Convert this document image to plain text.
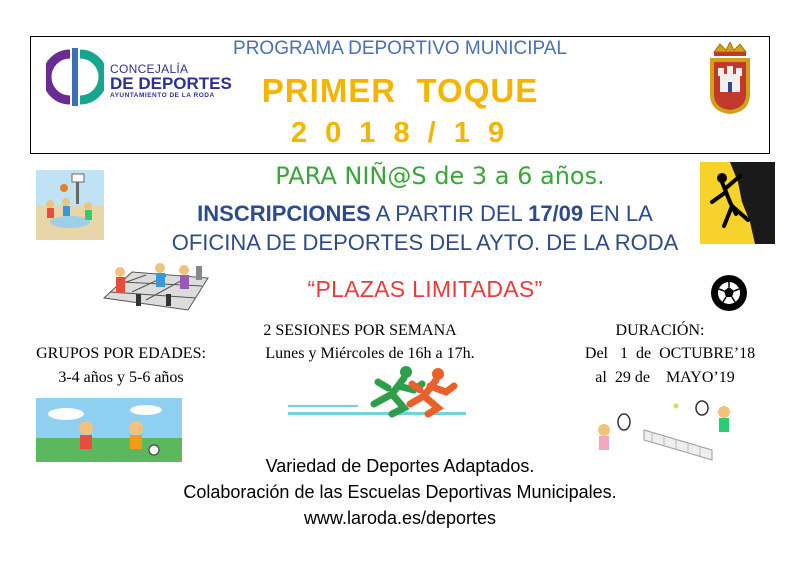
CONCEJALÍA
DE DEPORTES
AYUNTAMIENTO DE LA RODA
PROGRAMA DEPORTIVO MUNICIPAL
PRIMER  TOQUE
2 0 1 8 / 1 9
PARA NIÑ@S de 3 a 6 años.
INSCRIPCIONES A PARTIR DEL 17/09 EN LA
OFICINA DE DEPORTES DEL AYTO. DE LA RODA
“PLAZAS LIMITADAS”
2 SESIONES POR SEMANA
Lunes y Miércoles de 16h a 17h.
GRUPOS POR EDADES:
3-4 años y 5-6 años
DURACIÓN:
Del   1  de  OCTUBRE’18
al  29 de    MAYO’19
Variedad de Deportes Adaptados.
Colaboración de las Escuelas Deportivas Municipales.
www.laroda.es/deportes
